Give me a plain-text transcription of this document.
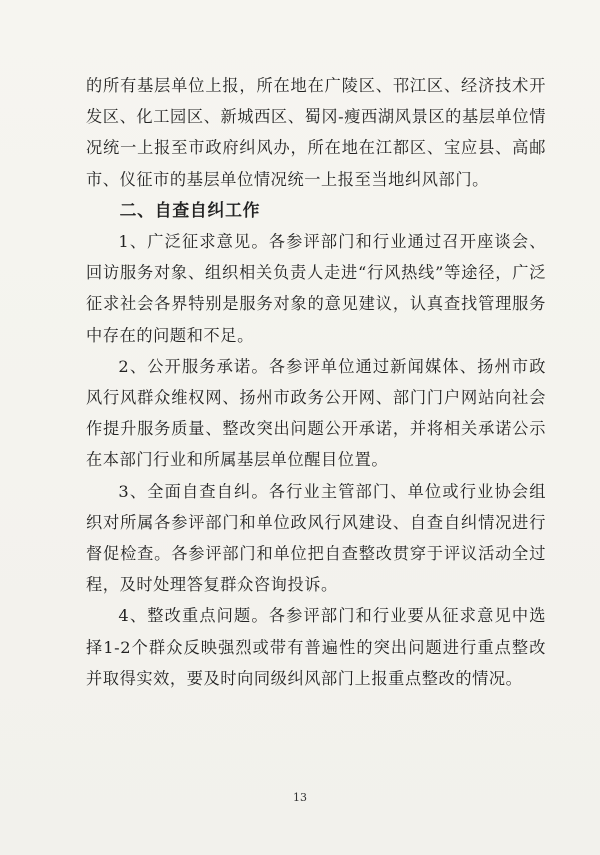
的所有基层单位上报，所在地在广陵区、邗江区、经济技术开发区、化工园区、新城西区、蜀冈-瘦西湖风景区的基层单位情况统一上报至市政府纠风办，所在地在江都区、宝应县、高邮市、仪征市的基层单位情况统一上报至当地纠风部门。

二、自查自纠工作

1、广泛征求意见。各参评部门和行业通过召开座谈会、回访服务对象、组织相关负责人走进“行风热线”等途径，广泛征求社会各界特别是服务对象的意见建议，认真查找管理服务中存在的问题和不足。

2、公开服务承诺。各参评单位通过新闻媒体、扬州市政风行风群众维权网、扬州市政务公开网、部门门户网站向社会作提升服务质量、整改突出问题公开承诺，并将相关承诺公示在本部门行业和所属基层单位醒目位置。

3、全面自查自纠。各行业主管部门、单位或行业协会组织对所属各参评部门和单位政风行风建设、自查自纠情况进行督促检查。各参评部门和单位把自查整改贯穿于评议活动全过程，及时处理答复群众咨询投诉。

4、整改重点问题。各参评部门和行业要从征求意见中选择1-2个群众反映强烈或带有普遍性的突出问题进行重点整改并取得实效，要及时向同级纠风部门上报重点整改的情况。

13
